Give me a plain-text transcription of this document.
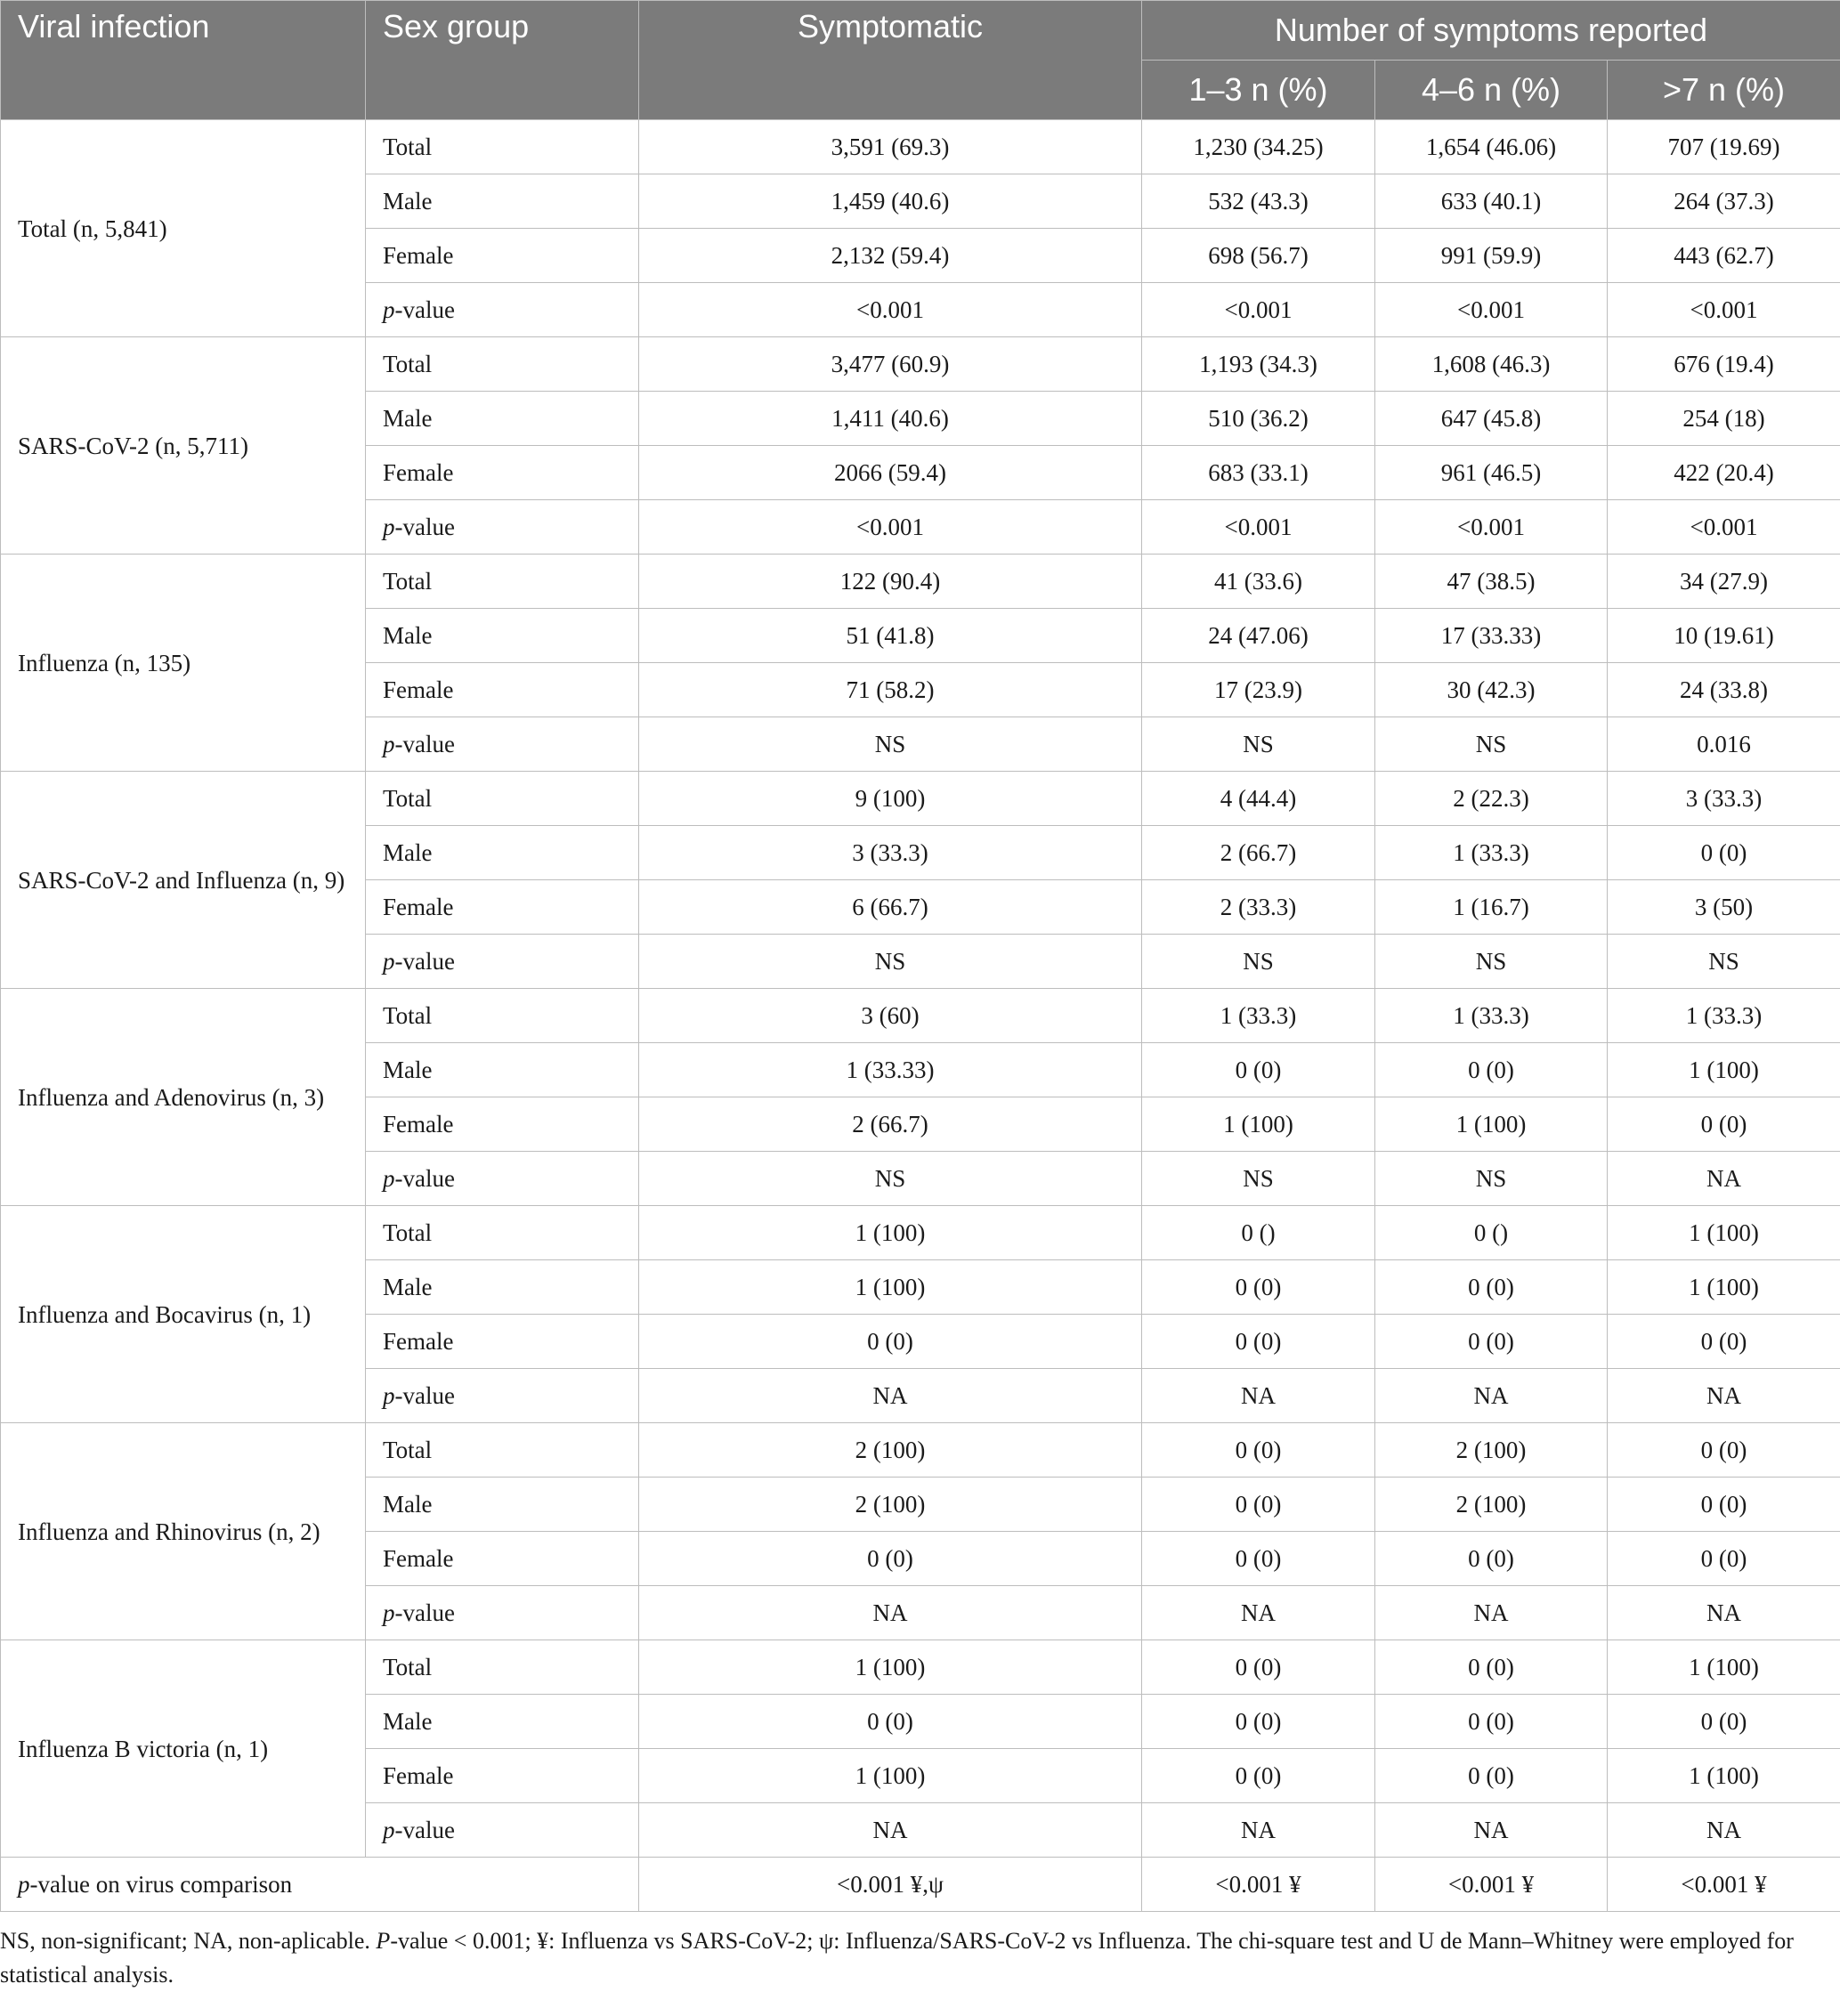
Viral infection	Sex group	Symptomatic	Number of symptoms reported		
			1–3 n (%)	4–6 n (%)	>7 n (%)
Total (n, 5,841)	Total	3,591 (69.3)	1,230 (34.25)	1,654 (46.06)	707 (19.69)
	Male	1,459 (40.6)	532 (43.3)	633 (40.1)	264 (37.3)
	Female	2,132 (59.4)	698 (56.7)	991 (59.9)	443 (62.7)
	p-value	<0.001	<0.001	<0.001	<0.001
SARS-CoV-2 (n, 5,711)	Total	3,477 (60.9)	1,193 (34.3)	1,608 (46.3)	676 (19.4)
	Male	1,411 (40.6)	510 (36.2)	647 (45.8)	254 (18)
	Female	2066 (59.4)	683 (33.1)	961 (46.5)	422 (20.4)
	p-value	<0.001	<0.001	<0.001	<0.001
Influenza (n, 135)	Total	122 (90.4)	41 (33.6)	47 (38.5)	34 (27.9)
	Male	51 (41.8)	24 (47.06)	17 (33.33)	10 (19.61)
	Female	71 (58.2)	17 (23.9)	30 (42.3)	24 (33.8)
	p-value	NS	NS	NS	0.016
SARS-CoV-2 and Influenza (n, 9)	Total	9 (100)	4 (44.4)	2 (22.3)	3 (33.3)
	Male	3 (33.3)	2 (66.7)	1 (33.3)	0 (0)
	Female	6 (66.7)	2 (33.3)	1 (16.7)	3 (50)
	p-value	NS	NS	NS	NS
Influenza and Adenovirus (n, 3)	Total	3 (60)	1 (33.3)	1 (33.3)	1 (33.3)
	Male	1 (33.33)	0 (0)	0 (0)	1 (100)
	Female	2 (66.7)	1 (100)	1 (100)	0 (0)
	p-value	NS	NS	NS	NA
Influenza and Bocavirus (n, 1)	Total	1 (100)	0 ()	0 ()	1 (100)
	Male	1 (100)	0 (0)	0 (0)	1 (100)
	Female	0 (0)	0 (0)	0 (0)	0 (0)
	p-value	NA	NA	NA	NA
Influenza and Rhinovirus (n, 2)	Total	2 (100)	0 (0)	2 (100)	0 (0)
	Male	2 (100)	0 (0)	2 (100)	0 (0)
	Female	0 (0)	0 (0)	0 (0)	0 (0)
	p-value	NA	NA	NA	NA
Influenza B victoria (n, 1)	Total	1 (100)	0 (0)	0 (0)	1 (100)
	Male	0 (0)	0 (0)	0 (0)	0 (0)
	Female	1 (100)	0 (0)	0 (0)	1 (100)
	p-value	NA	NA	NA	NA
p-value on virus comparison		<0.001 ¥,ψ	<0.001 ¥	<0.001 ¥	<0.001 ¥
NS, non-significant; NA, non-aplicable. P-value < 0.001; ¥: Influenza vs SARS-CoV-2; ψ: Influenza/SARS-CoV-2 vs Influenza. The chi-square test and U de Mann–Whitney were employed for statistical analysis.
